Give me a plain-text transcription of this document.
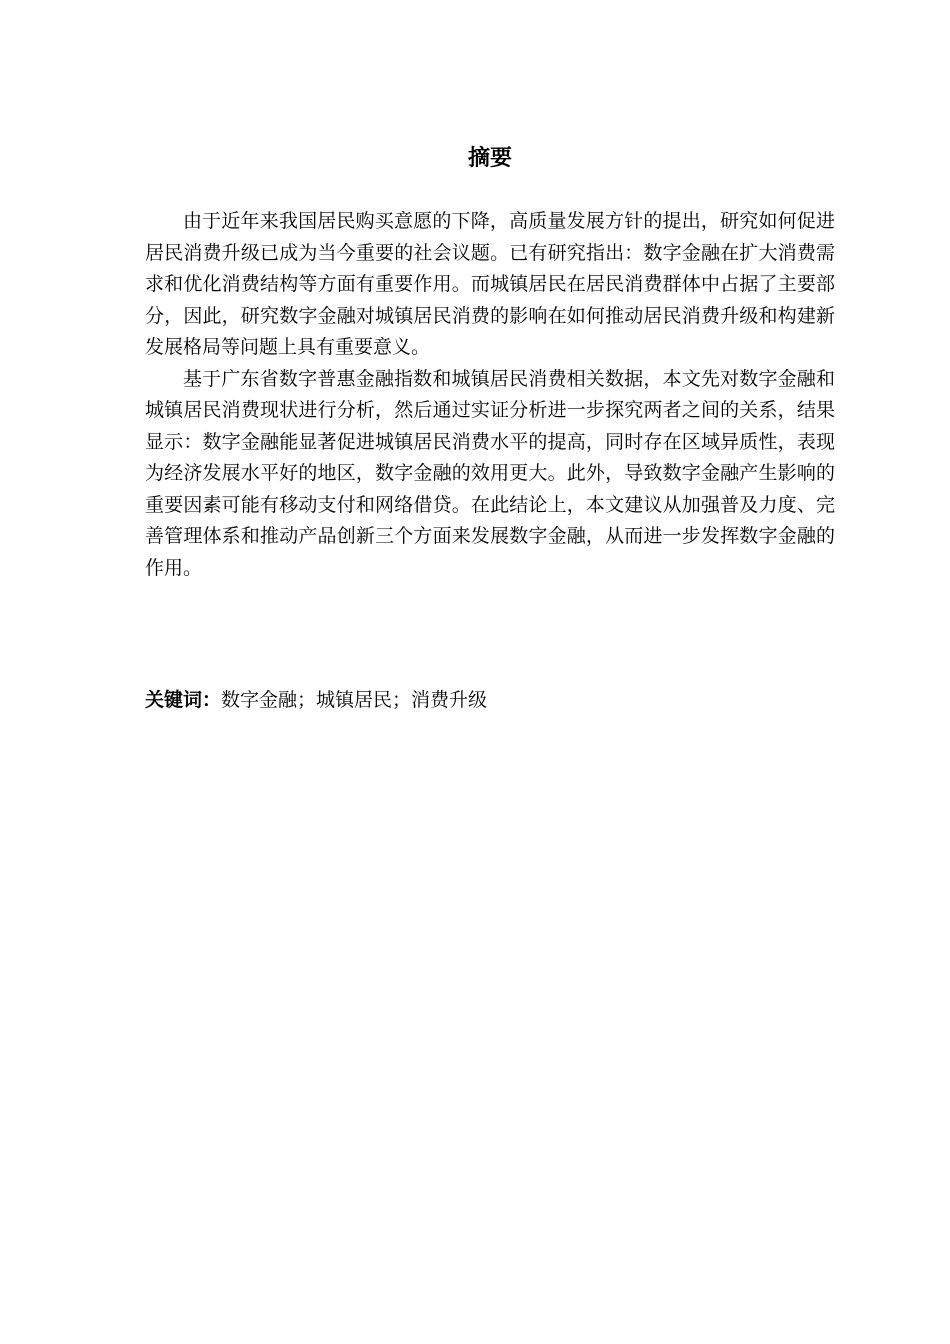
摘要

由于近年来我国居民购买意愿的下降，高质量发展方针的提出，研究如何促进居民消费升级已成为当今重要的社会议题。已有研究指出：数字金融在扩大消费需求和优化消费结构等方面有重要作用。而城镇居民在居民消费群体中占据了主要部分，因此，研究数字金融对城镇居民消费的影响在如何推动居民消费升级和构建新发展格局等问题上具有重要意义。

基于广东省数字普惠金融指数和城镇居民消费相关数据，本文先对数字金融和城镇居民消费现状进行分析，然后通过实证分析进一步探究两者之间的关系，结果显示：数字金融能显著促进城镇居民消费水平的提高，同时存在区域异质性，表现为经济发展水平好的地区，数字金融的效用更大。此外，导致数字金融产生影响的重要因素可能有移动支付和网络借贷。在此结论上，本文建议从加强普及力度、完善管理体系和推动产品创新三个方面来发展数字金融，从而进一步发挥数字金融的作用。

关键词：数字金融；城镇居民；消费升级
